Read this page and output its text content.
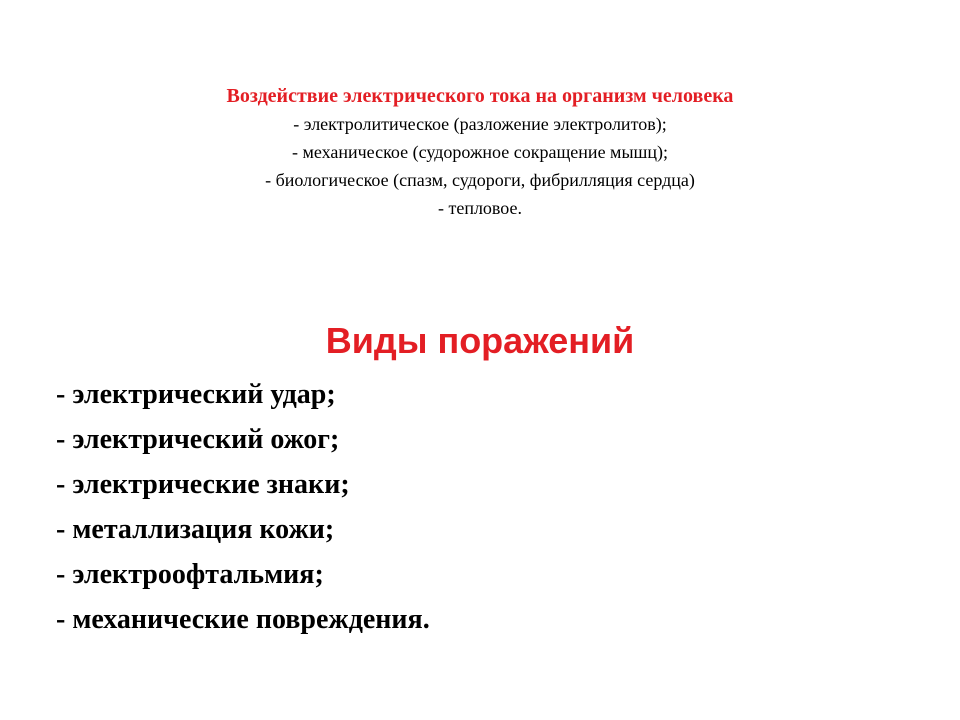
Воздействие электрического тока на организм человека

- электролитическое (разложение электролитов);

- механическое (судорожное сокращение мышц);

- биологическое (спазм, судороги, фибрилляция сердца)

- тепловое.

Виды поражений
- электрический удар;
- электрический ожог;
- электрические знаки;
- металлизация кожи;
- электроофтальмия;
- механические повреждения.
